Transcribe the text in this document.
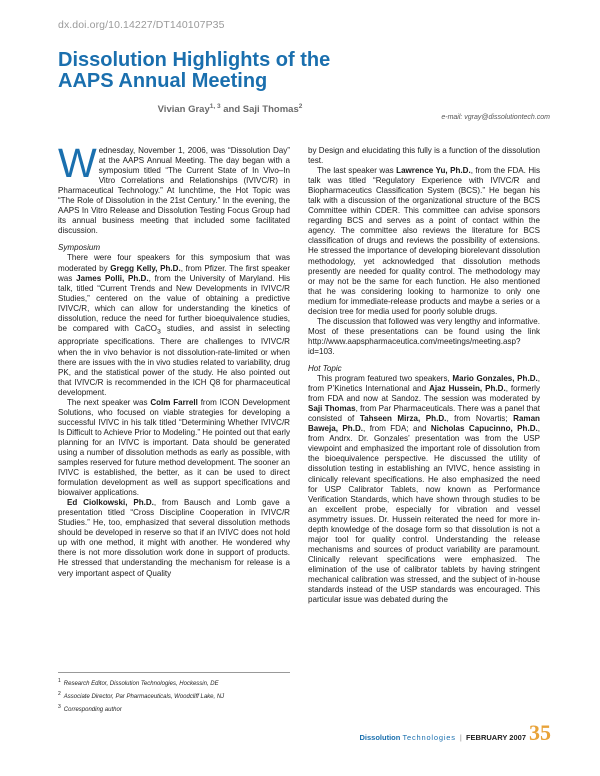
dx.doi.org/10.14227/DT140107P35
Dissolution Highlights of the
AAPS Annual Meeting
Vivian Gray$^{1, 3}$ and Saji Thomas$^2$
e-mail: vgray@dissolutiontech.com

Wednesday, November 1, 2006, was “Dissolution Day” at the AAPS Annual Meeting. The day began with a symposium titled “The Current State of In Vivo–In Vitro Correlations and Relationships (IVIVC/R) in Pharmaceutical Technology.” At lunchtime, the Hot Topic was “The Role of Dissolution in the 21st Century.” In the evening, the AAPS In Vitro Release and Dissolution Testing Focus Group had its annual business meeting that included some facilitated discussion.

Symposium

There were four speakers for this symposium that was moderated by Gregg Kelly, Ph.D., from Pfizer. The first speaker was James Polli, Ph.D., from the University of Maryland. His talk, titled “Current Trends and New Developments in IVIVC/R Studies,” centered on the value of obtaining a predictive IVIVC/R, which can allow for understanding the kinetics of dissolution, reduce the need for further bioequivalence studies, be compared with CaCO$_3$ studies, and assist in selecting appropriate specifications. There are challenges to IVIVC/R when the in vivo behavior is not dissolution-rate-limited or when there are issues with the in vivo studies related to variability, drug PK, and the statistical power of the study. He also pointed out that IVIVC/R is recommended in the ICH Q8 for pharmaceutical development.

The next speaker was Colm Farrell from ICON Development Solutions, who focused on viable strategies for developing a successful IVIVC in his talk titled “Determining Whether IVIVC/R Is Difficult to Achieve Prior to Modeling.” He pointed out that early planning for an IVIVC is important. Data should be generated using a number of dissolution methods as early as possible, with samples reserved for future method development. The sooner an IVIVC is established, the better, as it can be used to direct formulation development as well as support specifications and biowaiver applications.

Ed Ciolkowski, Ph.D., from Bausch and Lomb gave a presentation titled “Cross Discipline Cooperation in IVIVC/R Studies.” He, too, emphasized that several dissolution methods should be developed in reserve so that if an IVIVC does not hold up with one method, it might with another. He wondered why there is not more dissolution work done in support of products. He stressed that understanding the mechanism for release is a very important aspect of Quality

by Design and elucidating this fully is a function of the dissolution test.

The last speaker was Lawrence Yu, Ph.D., from the FDA. His talk was titled “Regulatory Experience with IVIVC/R and Biopharmaceutics Classification System (BCS).” He began his talk with a discussion of the organizational structure of the BCS Committee within CDER. This committee can advise sponsors regarding BCS and serves as a point of contact within the agency. The committee also reviews the literature for BCS classification of drugs and reviews the possibility of extensions. He stressed the importance of developing biorelevant dissolution methodology, yet acknowledged that dissolution methods presently are needed for quality control. The methodology may or may not be the same for each function. He also mentioned that he was considering looking to harmonize to only one medium for immediate-release products and maybe a series or a decision tree for media used for poorly soluble drugs.

The discussion that followed was very lengthy and informative. Most of these presentations can be found using the link http://www.aapspharmaceutica.com/meetings/meeting.asp?id=103.

Hot Topic

This program featured two speakers, Mario Gonzales, Ph.D., from P’Kinetics International and Ajaz Hussein, Ph.D., formerly from FDA and now at Sandoz. The session was moderated by Saji Thomas, from Par Pharmaceuticals. There was a panel that consisted of Tahseen Mirza, Ph.D., from Novartis; Raman Baweja, Ph.D., from FDA; and Nicholas Capucinno, Ph.D., from Andrx. Dr. Gonzales’ presentation was from the USP viewpoint and emphasized the important role of dissolution from the bioequivalence perspective. He discussed the utility of dissolution testing in establishing an IVIVC, hence assisting in clinically relevant specifications. He also emphasized the need for USP Calibrator Tablets, now known as Performance Verification Standards, which have shown through studies to be an excellent probe, especially for vibration and vessel asymmetry issues. Dr. Hussein reiterated the need for more in-depth knowledge of the dosage form so that dissolution is not a major tool for quality control. Understanding the release mechanisms and sources of product variability are paramount. Clinically relevant specifications were emphasized. The elimination of the use of calibrator tablets by having stringent mechanical calibration was stressed, and the subject of in-house standards instead of the USP standards was encouraged. This particular issue was debated during the

$^1$ Research Editor, Dissolution Technologies, Hockessin, DE
$^2$ Associate Director, Par Pharmaceuticals, Woodcliff Lake, NJ
$^3$ Corresponding author
Dissolution Technologies | FEBRUARY 2007 35
